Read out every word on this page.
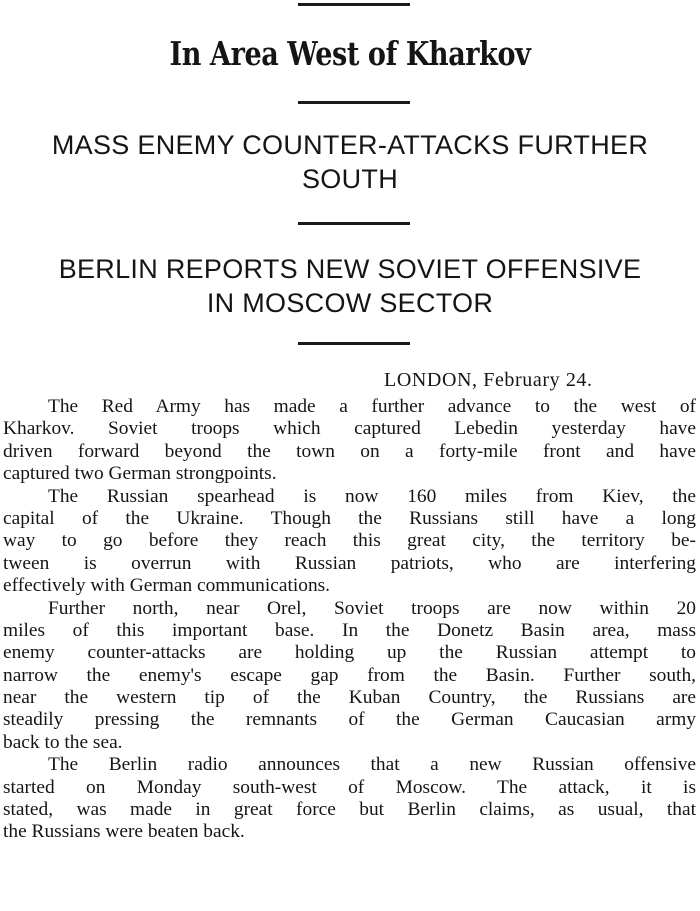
In Area West of Kharkov
MASS ENEMY COUNTER-ATTACKS FURTHER
SOUTH
BERLIN REPORTS NEW SOVIET OFFENSIVE
IN MOSCOW SECTOR
LONDON, February 24.
The Red Army has made a further advance to the west of
Kharkov. Soviet troops which captured Lebedin yesterday have
driven forward beyond the town on a forty-mile front and have
captured two German strongpoints.
The Russian spearhead is now 160 miles from Kiev, the
capital of the Ukraine. Though the Russians still have a long
way to go before they reach this great city, the territory be-
tween is overrun with Russian patriots, who are interfering
effectively with German communications.
Further north, near Orel, Soviet troops are now within 20
miles of this important base. In the Donetz Basin area, mass
enemy counter-attacks are holding up the Russian attempt to
narrow the enemy's escape gap from the Basin. Further south,
near the western tip of the Kuban Country, the Russians are
steadily pressing the remnants of the German Caucasian army
back to the sea.
The Berlin radio announces that a new Russian offensive
started on Monday south-west of Moscow. The attack, it is
stated, was made in great force but Berlin claims, as usual, that
the Russians were beaten back.
